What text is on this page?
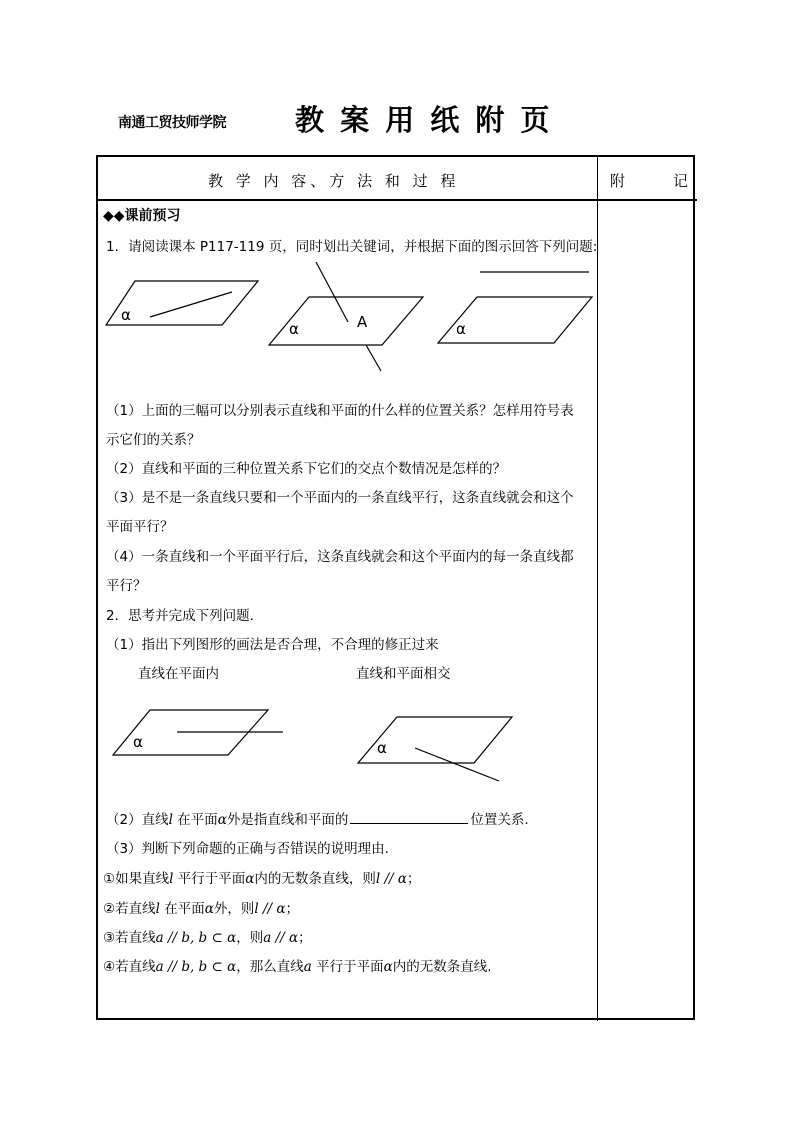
南通工贸技师学院 教 案 用 纸 附 页
教 学 内 容、方 法 和 过 程	附	记
◆◆课前预习
1．请阅读课本 P117-119 页，同时划出关键词，并根据下面的图示回答下列问题:
α
α	A	α
α	α
（1）上面的三幅可以分别表示直线和平面的什么样的位置关系？怎样用符号表
示它们的关系？
（2）直线和平面的三种位置关系下它们的交点个数情况是怎样的？
（3）是不是一条直线只要和一个平面内的一条直线平行，这条直线就会和这个
平面平行？
（4）一条直线和一个平面平行后，这条直线就会和这个平面内的每一条直线都
平行？
2．思考并完成下列问题.
（1）指出下列图形的画法是否合理，不合理的修正过来
直线在平面内	直线和平面相交
（2）直线l 在平面α外是指直线和平面的	位置关系.
（3）判断下列命题的正确与否错误的说明理由.
①如果直线l 平行于平面α内的无数条直线，则l // α；
②若直线l 在平面α外，则l // α；
③若直线a // b, b ⊂ α，则a // α；
④若直线a // b, b ⊂ α，那么直线a 平行于平面α内的无数条直线.
